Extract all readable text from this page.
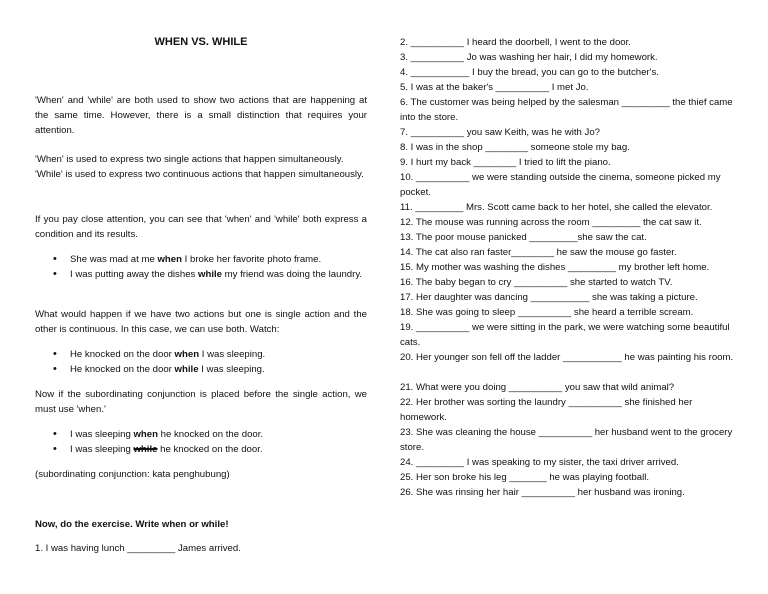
WHEN VS. WHILE
'When' and 'while' are both used to show two actions that are happening at the same time. However, there is a small distinction that requires your attention.
'When' is used to express two single actions that happen simultaneously.
'While' is used to express two continuous actions that happen simultaneously.
If you pay close attention, you can see that 'when' and 'while' both express a condition and its results.
• She was mad at me when I broke her favorite photo frame.
• I was putting away the dishes while my friend was doing the laundry.
What would happen if we have two actions but one is single action and the other is continuous. In this case, we can use both. Watch:
• He knocked on the door when I was sleeping.
• He knocked on the door while I was sleeping.
Now if the subordinating conjunction is placed before the single action, we must use 'when.'
• I was sleeping when he knocked on the door.
• I was sleeping while he knocked on the door.
(subordinating conjunction: kata penghubung)
Now, do the exercise. Write when or while!
1. I was having lunch _________ James arrived.
2. __________ I heard the doorbell, I went to the door.
3. __________ Jo was washing her hair, I did my homework.
4. ___________ I buy the bread, you can go to the butcher's.
5. I was at the baker's __________ I met Jo.
6. The customer was being helped by the salesman _________ the thief came into the store.
7. __________ you saw Keith, was he with Jo?
8. I was in the shop ________ someone stole my bag.
9. I hurt my back ________ I tried to lift the piano.
10. __________ we were standing outside the cinema, someone picked my pocket.
11. _________ Mrs. Scott came back to her hotel, she called the elevator.
12. The mouse was running across the room _________ the cat saw it.
13. The poor mouse panicked _________she saw the cat.
14. The cat also ran faster________ he saw the mouse go faster.
15. My mother was washing the dishes _________ my brother left home.
16. The baby began to cry __________ she started to watch TV.
17. Her daughter was dancing ___________ she was taking a picture.
18. She was going to sleep __________ she heard a terrible scream.
19. __________ we were sitting in the park, we were watching some beautiful cats.
20. Her younger son fell off the ladder ___________ he was painting his room.
21. What were you doing __________ you saw that wild animal?
22. Her brother was sorting the laundry __________ she finished her homework.
23. She was cleaning the house __________ her husband went to the grocery store.
24. _________ I was speaking to my sister, the taxi driver arrived.
25. Her son broke his leg _______ he was playing football.
26. She was rinsing her hair __________ her husband was ironing.
